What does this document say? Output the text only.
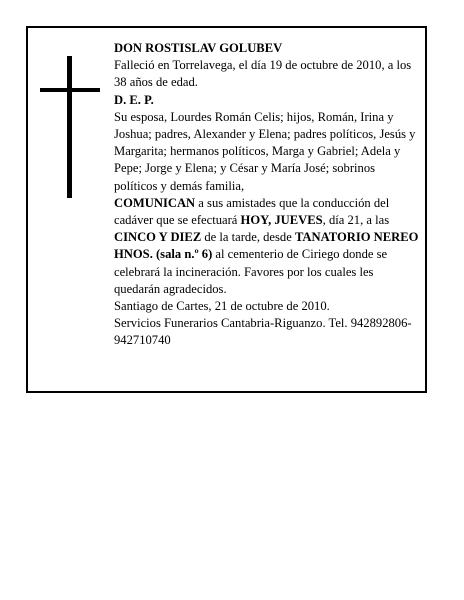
DON ROSTISLAV GOLUBEV

Falleció en Torrelavega, el día 19 de octubre de 2010, a los 38 años de edad.

D. E. P.

Su esposa, Lourdes Román Celis; hijos, Román, Irina y Joshua; padres, Alexander y Elena; padres políticos, Jesús y Margarita; hermanos políticos, Marga y Gabriel; Adela y Pepe; Jorge y Elena; y César y María José; sobrinos políticos y demás familia,

COMUNICAN a sus amistades que la conducción del cadáver que se efectuará HOY, JUEVES, día 21, a las CINCO Y DIEZ de la tarde, desde TANATORIO NEREO HNOS. (sala n.º 6) al cementerio de Ciriego donde se celebrará la incineración. Favores por los cuales les quedarán agradecidos.

Santiago de Cartes, 21 de octubre de 2010.

Servicios Funerarios Cantabria-Riguanzo. Tel. 942892806-942710740
